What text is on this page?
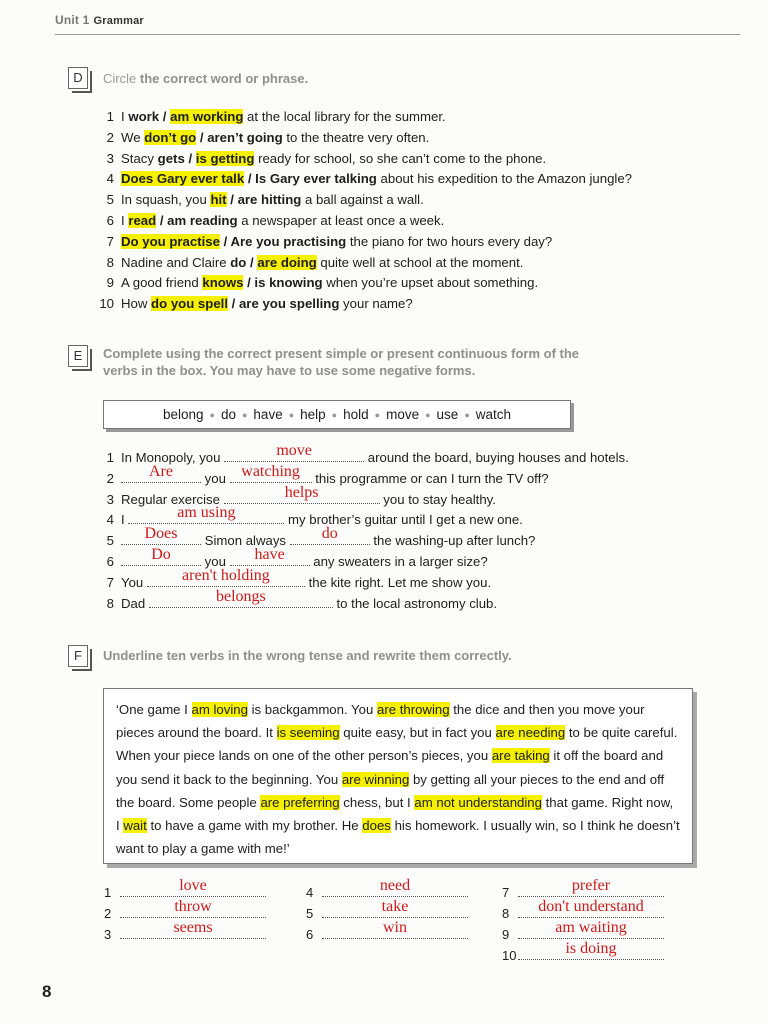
Unit 1 Grammar
D	Circle the correct word or phrase.
1 I work / am working at the local library for the summer.
2 We don’t go / aren’t going to the theatre very often.
3 Stacy gets / is getting ready for school, so she can’t come to the phone.
4 Does Gary ever talk / Is Gary ever talking about his expedition to the Amazon jungle?
5 In squash, you hit / are hitting a ball against a wall.
6 I read / am reading a newspaper at least once a week.
7 Do you practise / Are you practising the piano for two hours every day?
8 Nadine and Claire do / are doing quite well at school at the moment.
9 A good friend knows / is knowing when you’re upset about something.
10 How do you spell / are you spelling your name?
E	Complete using the correct present simple or present continuous form of the
verbs in the box. You may have to use some negative forms.
belong ● do ● have ● help ● hold ● move ● use ● watch
1 In Monopoly, you	move	around the board, buying houses and hotels.
2	Are	you watching this programme or can I turn the TV off?
3 Regular exercise	helps	you to stay healthy.
4 I	am using	my brother’s guitar until I get a new one.
5	Does	Simon always	do	the washing-up after lunch?
6	Do	you	have	any sweaters in a larger size?
7 You	aren't holding	the kite right. Let me show you.
8 Dad	belongs	to the local astronomy club.
F	Underline ten verbs in the wrong tense and rewrite them correctly.
‘One game I am loving is backgammon. You are throwing the dice and then you move your pieces around the board. It is seeming quite easy, but in fact you are needing to be quite careful. When your piece lands on one of the other person’s pieces, you are taking it off the board and you send it back to the beginning. You are winning by getting all your pieces to the end and off the board. Some people are preferring chess, but I am not understanding that game. Right now, I wait to have a game with my brother. He does his homework. I usually win, so I think he doesn’t want to play a game with me!’
1	love
2	throw
3	seems
4	need
5	take
6	win
7	prefer
8	don't understand
9	am waiting
10	is doing
8
